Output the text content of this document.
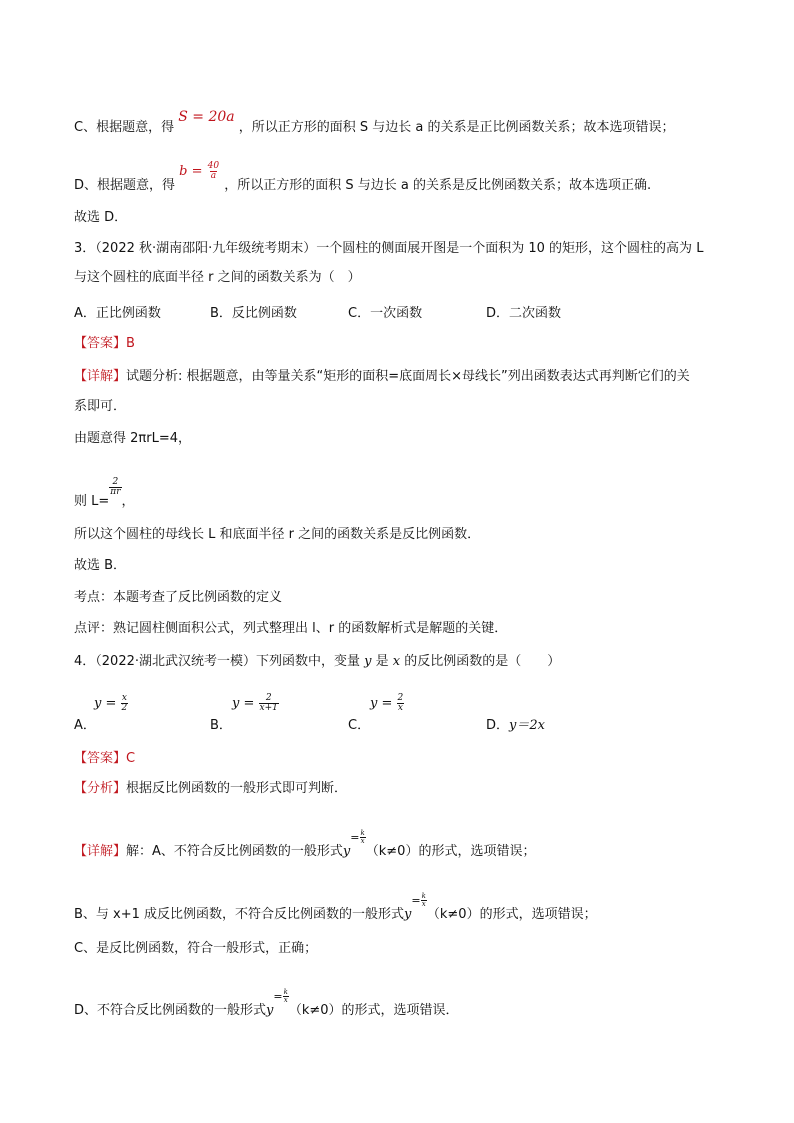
C、根据题意，得 S = 20a ，所以正方形的面积 S 与边长 a 的关系是正比例函数关系；故本选项错误；
D、根据题意，得 $b = \frac{40}{a}$
，所以正方形的面积 S 与边长 a 的关系是反比例函数关系；故本选项正确.
故选 D．
3．（2022 秋·湖南邵阳·九年级统考期末）一个圆柱的侧面展开图是一个面积为 10 的矩形，这个圆柱的高为 L
与这个圆柱的底面半径 r 之间的函数关系为（　）
A．正比例函数	B．反比例函数	C．一次函数	D．二次函数
【答案】B
【详解】试题分析: 根据题意，由等量关系“矩形的面积=底面周长×母线长”列出函数表达式再判断它们的关
系即可．
由题意得 2πrL=4，
则 L=
$\frac{2}{\pi r}$
，
所以这个圆柱的母线长 L 和底面半径 r 之间的函数关系是反比例函数．
故选 B．
考点：本题考查了反比例函数的定义
点评：熟记圆柱侧面积公式，列式整理出 l、r 的函数解析式是解题的关键．
4．（2022·湖北武汉统考一模）下列函数中，变量 y 是 x 的反比例函数的是（　　）
A．
$y = \frac{x}{2}$
B．
$y = \frac{2}{x+1}$
C．
$y = \frac{2}{x}$
D．y＝2x
【答案】C
【分析】根据反比例函数的一般形式即可判断．
【详解】解：A、不符合反比例函数的一般形式$y= \frac{k}{x}$
（k≠0）的形式，选项错误；
B、与 x+1 成反比例函数，不符合反比例函数的一般形式$y= \frac{k}{x}$
（k≠0）的形式，选项错误；
C、是反比例函数，符合一般形式，正确；
D、不符合反比例函数的一般形式$y= \frac{k}{x}$
（k≠0）的形式，选项错误．
